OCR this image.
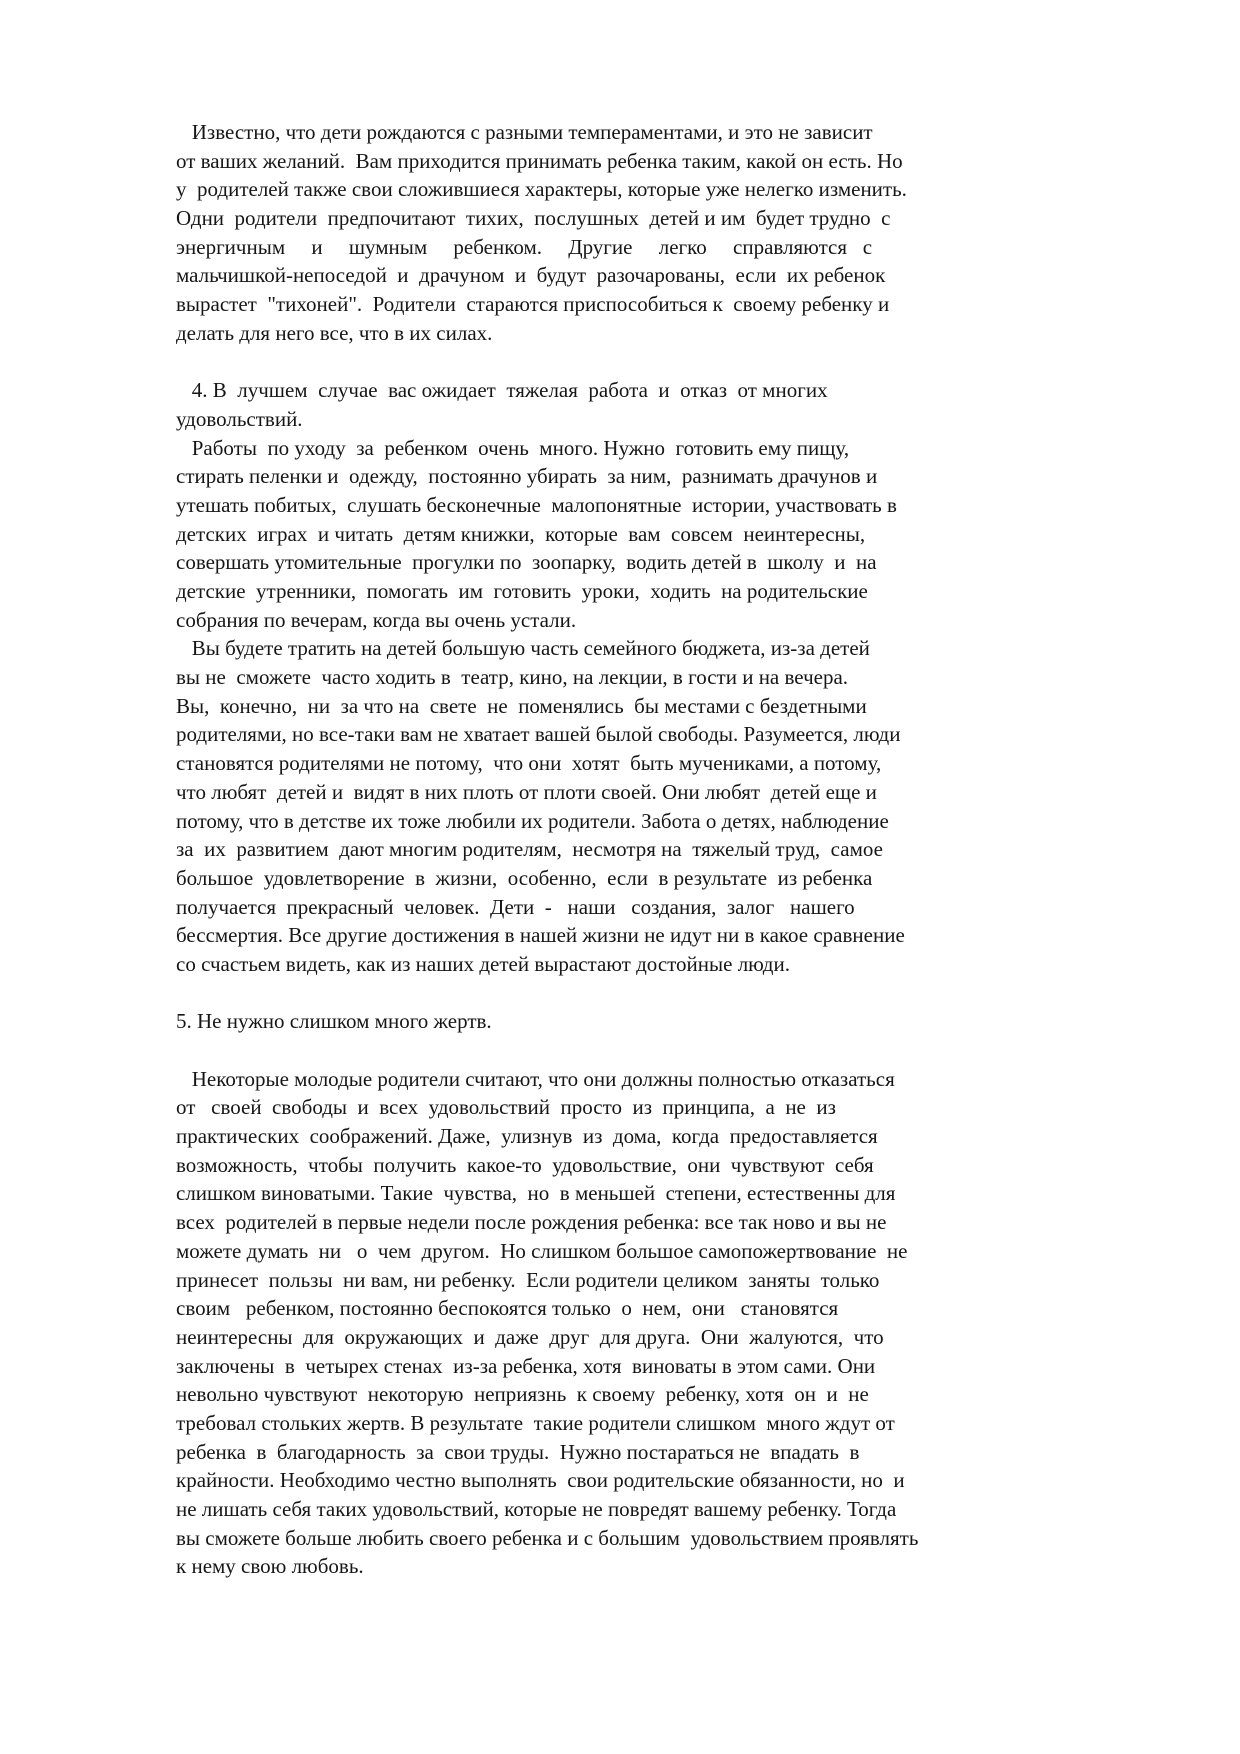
Известно, что дети рождаются с разными темпераментами, и это не зависит
от ваших желаний.  Вам приходится принимать ребенка таким, какой он есть. Но
у  родителей также свои сложившиеся характеры, которые уже нелегко изменить.
Одни  родители  предпочитают  тихих,  послушных  детей и им  будет трудно  с
энергичным     и     шумным     ребенком.     Другие     легко     справляются   с
мальчишкой-непоседой  и  драчуном  и  будут  разочарованы,  если  их ребенок
вырастет  "тихоней".  Родители  стараются приспособиться к  своему ребенку и
делать для него все, что в их силах.
4. В  лучшем  случае  вас ожидает  тяжелая  работа  и  отказ  от многих
удовольствий.
Работы  по уходу  за  ребенком  очень  много. Нужно  готовить ему пищу,
стирать пеленки и  одежду,  постоянно убирать  за ним,  разнимать драчунов и
утешать побитых,  слушать бесконечные  малопонятные  истории, участвовать в
детских  играх  и читать  детям книжки,  которые  вам  совсем  неинтересны,
совершать утомительные  прогулки по  зоопарку,  водить детей в  школу  и  на
детские  утренники,  помогать  им  готовить  уроки,  ходить  на родительские
собрания по вечерам, когда вы очень устали.
Вы будете тратить на детей большую часть семейного бюджета, из-за детей
вы не  сможете  часто ходить в  театр, кино, на лекции, в гости и на вечера.
Вы,  конечно,  ни  за что на  свете  не  поменялись  бы местами с бездетными
родителями, но все-таки вам не хватает вашей былой свободы. Разумеется, люди
становятся родителями не потому,  что они  хотят  быть мучениками, а потому,
что любят  детей и  видят в них плоть от плоти своей. Они любят  детей еще и
потому, что в детстве их тоже любили их родители. Забота о детях, наблюдение
за  их  развитием  дают многим родителям,  несмотря на  тяжелый труд,  самое
большое  удовлетворение  в  жизни,  особенно,  если  в результате  из ребенка
получается  прекрасный  человек.  Дети  -   наши   создания,  залог   нашего
бессмертия. Все другие достижения в нашей жизни не идут ни в какое сравнение
со счастьем видеть, как из наших детей вырастают достойные люди.
5. Не нужно слишком много жертв.
Некоторые молодые родители считают, что они должны полностью отказаться
от   своей  свободы  и  всех  удовольствий  просто  из  принципа,  а  не  из
практических  соображений. Даже,  улизнув  из  дома,  когда  предоставляется
возможность,  чтобы  получить  какое-то  удовольствие,  они  чувствуют  себя
слишком виноватыми. Такие  чувства,  но  в меньшей  степени, естественны для
всех  родителей в первые недели после рождения ребенка: все так ново и вы не
можете думать  ни   о  чем  другом.  Но слишком большое самопожертвование  не
принесет  пользы  ни вам, ни ребенку.  Если родители целиком  заняты  только
своим   ребенком, постоянно беспокоятся только  о  нем,  они   становятся
неинтересны  для  окружающих  и  даже  друг  для друга.  Они  жалуются,  что
заключены  в  четырех стенах  из-за ребенка, хотя  виноваты в этом сами. Они
невольно чувствуют  некоторую  неприязнь  к своему  ребенку, хотя  он  и  не
требовал стольких жертв. В результате  такие родители слишком  много ждут от
ребенка  в  благодарность  за  свои труды.  Нужно постараться не  впадать  в
крайности. Необходимо честно выполнять  свои родительские обязанности, но  и
не лишать себя таких удовольствий, которые не повредят вашему ребенку. Тогда
вы сможете больше любить своего ребенка и с большим  удовольствием проявлять
к нему свою любовь.
